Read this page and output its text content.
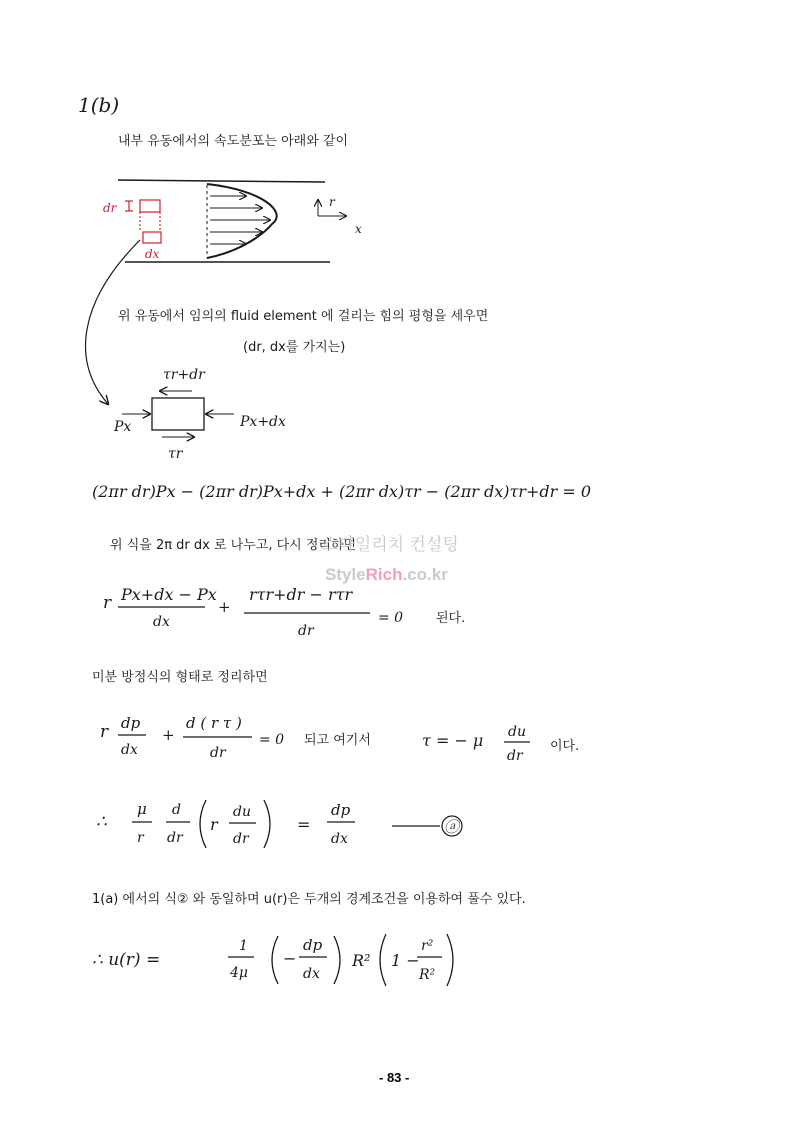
1(b)
내부 유동에서의 속도분포는 아래와 같이
dr
dx
r
x
위 유동에서 임의의 fluid element 에 걸리는 힘의 평형을 세우면
(dr, dx를 가지는)
τr+dr
Px	Px+dx
τr
(2πr dr)Px − (2πr dr)Px+dx + (2πr dx)τr − (2πr dx)τr+dr = 0
위 식을 2π dr dx 로 나누고, 다시 정리하면
스타일리치 컨설팅
StyleRich.co.kr
r Px+dx − Px
dx
+
rτr+dr − rτr
dr
= 0	된다.
미분 방정식의 형태로 정리하면
r dp
dx
+
d ( r τ )
dr
= 0 되고 여기서	τ = − μ du
dr
이다.
∴
μ
r
d
dr
r
du
dr
=
dp
dx
ⓐ
1(a) 에서의 식② 와 동일하며 u(r)은 두개의 경계조건을 이용하여 풀수 있다.
∴ u(r) =
1
4μ
−
dp
dx
R² 1 −
r²
R²
- 83 -
